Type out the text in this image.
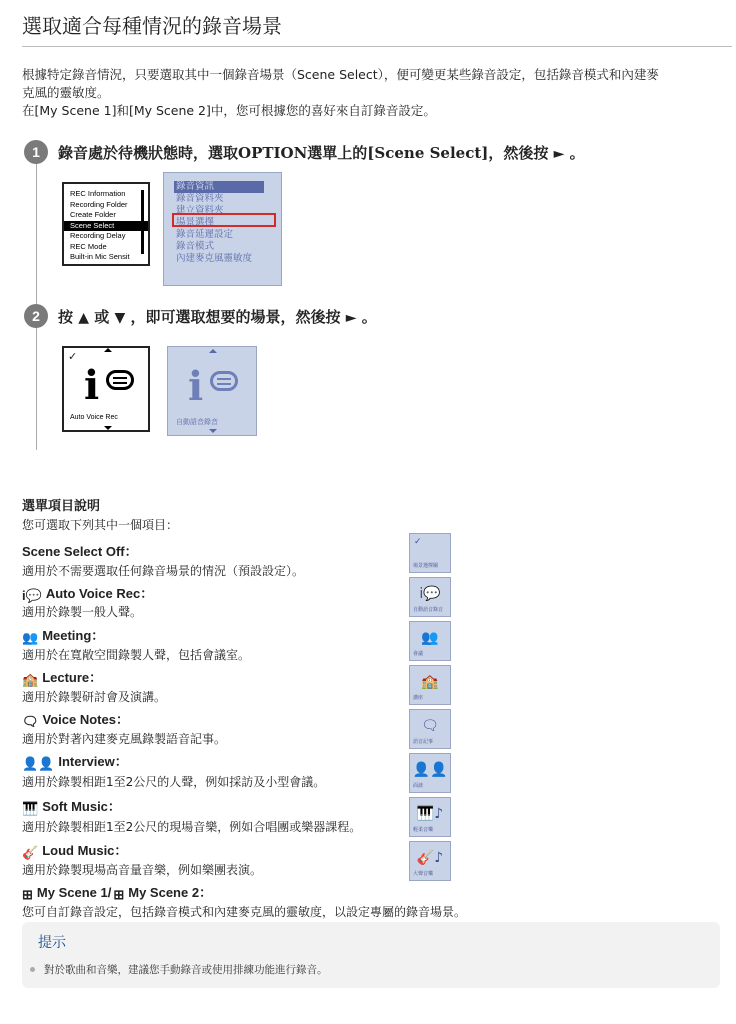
選取適合每種情況的錄音場景
根據特定錄音情況，只要選取其中一個錄音場景（Scene Select），便可變更某些錄音設定，包括錄音模式和內建麥
克風的靈敏度。
在[My Scene 1]和[My Scene 2]中，您可根據您的喜好來自訂錄音設定。
1	錄音處於待機狀態時，選取OPTION選單上的[Scene Select]，然後按 ► 。
REC Information
Recording Folder
Create Folder
Scene Select
Recording Delay
REC Mode
Built-in Mic Sensit
錄音資訊
錄音資料夾
建立資料夾
場景選擇
錄音延遲設定
錄音模式
內建麥克風靈敏度
2	按 ▲ 或 ▼ ，即可選取想要的場景，然後按 ► 。
✓
i
Auto Voice Rec
i
自動語音錄音
選單項目說明
您可選取下列其中一個項目：
Scene Select Off：
適用於不需要選取任何錄音場景的情況（預設設定）。
i💬 Auto Voice Rec：
適用於錄製一般人聲。
👥 Meeting：
適用於在寬敞空間錄製人聲，包括會議室。
🏫 Lecture：
適用於錄製研討會及演講。
🗨 Voice Notes：
適用於對著內建麥克風錄製語音記事。
👤👤 Interview：
適用於錄製相距1至2公尺的人聲，例如採訪及小型會議。
🎹 Soft Music：
適用於錄製相距1至2公尺的現場音樂，例如合唱團或樂器課程。
🎸 Loud Music：
適用於錄製現場高音量音樂，例如樂團表演。
⊞ My Scene 1/ ⊞ My Scene 2：
您可自訂錄音設定，包括錄音模式和內建麥克風的靈敏度，以設定專屬的錄音場景。
✓
場景選擇關
i💬
自動語音錄音
👥
會議
🏫
講座
🗨
語音記事
👤👤
面談
🎹♪
輕柔音樂
🎸♪
大聲音樂
提示
對於歌曲和音樂，建議您手動錄音或使用排練功能進行錄音。
